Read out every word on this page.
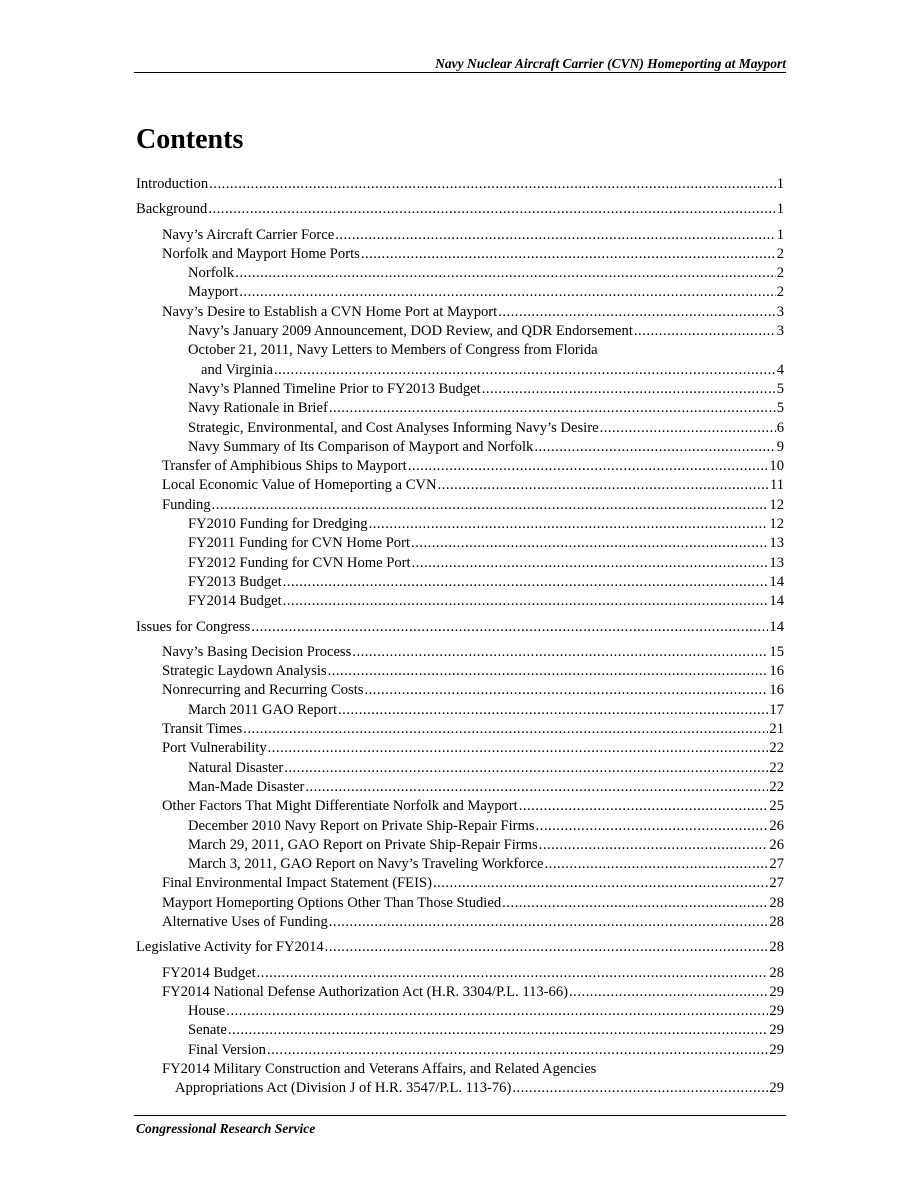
Navy Nuclear Aircraft Carrier (CVN) Homeporting at Mayport
Contents
Introduction .....	1
Background .....	1
Navy’s Aircraft Carrier Force .....	1
Norfolk and Mayport Home Ports .....	2
Norfolk .....	2
Mayport .....	2
Navy’s Desire to Establish a CVN Home Port at Mayport .....	3
Navy’s January 2009 Announcement, DOD Review, and QDR Endorsement .....	3
October 21, 2011, Navy Letters to Members of Congress from Florida
and Virginia .....	4
Navy’s Planned Timeline Prior to FY2013 Budget .....	5
Navy Rationale in Brief .....	5
Strategic, Environmental, and Cost Analyses Informing Navy’s Desire .....	6
Navy Summary of Its Comparison of Mayport and Norfolk .....	9
Transfer of Amphibious Ships to Mayport .....	10
Local Economic Value of Homeporting a CVN .....	11
Funding .....	12
FY2010 Funding for Dredging .....	12
FY2011 Funding for CVN Home Port .....	13
FY2012 Funding for CVN Home Port .....	13
FY2013 Budget .....	14
FY2014 Budget .....	14
Issues for Congress .....	14
Navy’s Basing Decision Process .....	15
Strategic Laydown Analysis .....	16
Nonrecurring and Recurring Costs .....	16
March 2011 GAO Report .....	17
Transit Times .....	21
Port Vulnerability .....	22
Natural Disaster .....	22
Man-Made Disaster .....	22
Other Factors That Might Differentiate Norfolk and Mayport .....	25
December 2010 Navy Report on Private Ship-Repair Firms .....	26
March 29, 2011, GAO Report on Private Ship-Repair Firms .....	26
March 3, 2011, GAO Report on Navy’s Traveling Workforce .....	27
Final Environmental Impact Statement (FEIS) .....	27
Mayport Homeporting Options Other Than Those Studied .....	28
Alternative Uses of Funding .....	28
Legislative Activity for FY2014 .....	28
FY2014 Budget .....	28
FY2014 National Defense Authorization Act (H.R. 3304/P.L. 113-66) .....	29
House .....	29
Senate .....	29
Final Version .....	29
FY2014 Military Construction and Veterans Affairs, and Related Agencies
Appropriations Act (Division J of H.R. 3547/P.L. 113-76) .....	29
Congressional Research Service
